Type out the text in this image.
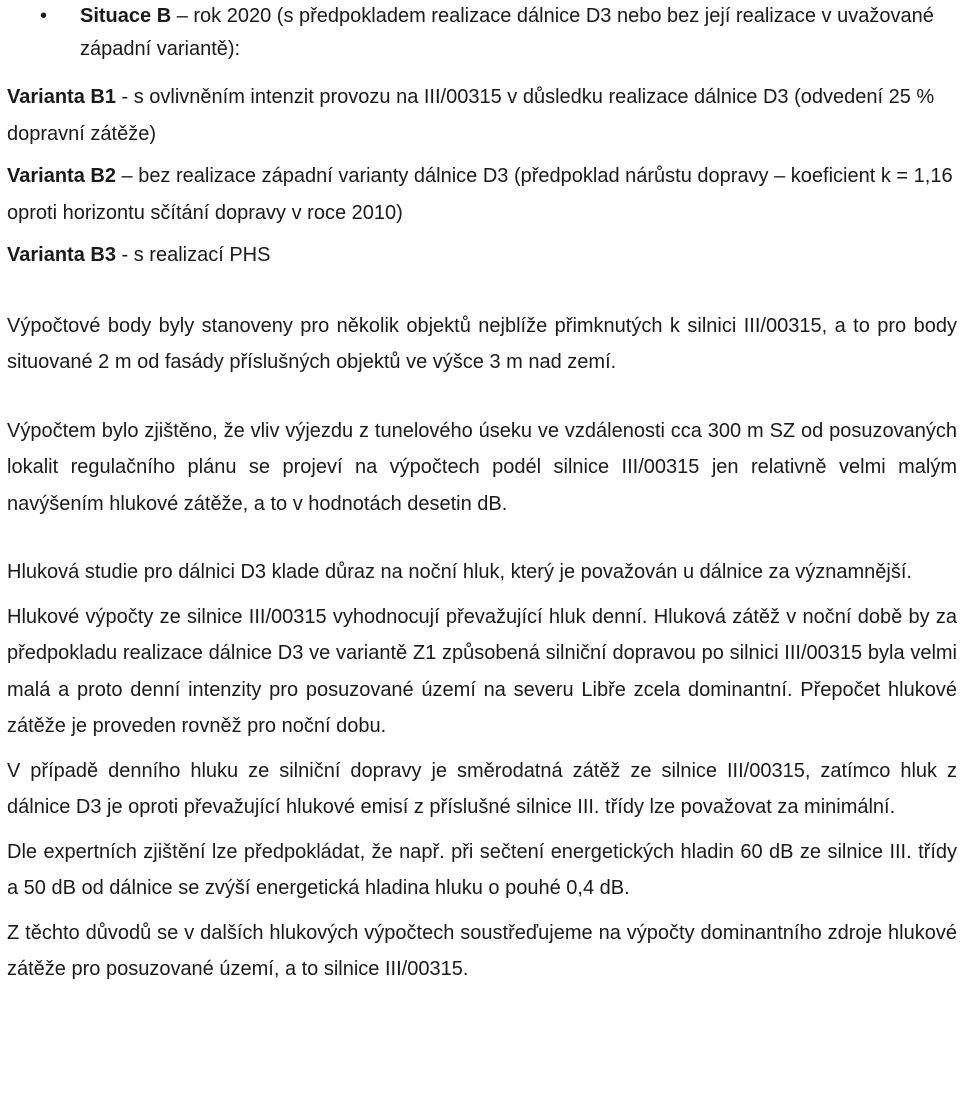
• Situace B – rok 2020 (s předpokladem realizace dálnice D3 nebo bez její realizace v uvažované západní variantě):
Varianta B1 - s ovlivněním intenzit provozu na III/00315 v důsledku realizace dálnice D3 (odvedení 25 % dopravní zátěže)
Varianta B2 – bez realizace západní varianty dálnice D3 (předpoklad nárůstu dopravy – koeficient k = 1,16 oproti horizontu sčítání dopravy v roce 2010)
Varianta B3 - s realizací PHS
Výpočtové body byly stanoveny pro několik objektů nejblíže přimknutých k silnici III/00315, a to pro body situované 2 m od fasády příslušných objektů ve výšce 3 m nad zemí.
Výpočtem bylo zjištěno, že vliv výjezdu z tunelového úseku ve vzdálenosti cca 300 m SZ od posuzovaných lokalit regulačního plánu se projeví na výpočtech podél silnice III/00315 jen relativně velmi malým navýšením hlukové zátěže, a to v hodnotách desetin dB.
Hluková studie pro dálnici D3 klade důraz na noční hluk, který je považován u dálnice za významnější.
Hlukové výpočty ze silnice III/00315 vyhodnocují převažující hluk denní. Hluková zátěž v noční době by za předpokladu realizace dálnice D3 ve variantě Z1 způsobená silniční dopravou po silnici III/00315 byla velmi malá a proto denní intenzity pro posuzované území na severu Libře zcela dominantní. Přepočet hlukové zátěže je proveden rovněž pro noční dobu.
V případě denního hluku ze silniční dopravy je směrodatná zátěž ze silnice III/00315, zatímco hluk z dálnice D3 je oproti převažující hlukové emisí z příslušné silnice III. třídy lze považovat za minimální.
Dle expertních zjištění lze předpokládat, že např. při sečtení energetických hladin 60 dB ze silnice III. třídy a 50 dB od dálnice se zvýší energetická hladina hluku o pouhé 0,4 dB.
Z těchto důvodů se v dalších hlukových výpočtech soustřeďujeme na výpočty dominantního zdroje hlukové zátěže pro posuzované území, a to silnice III/00315.
